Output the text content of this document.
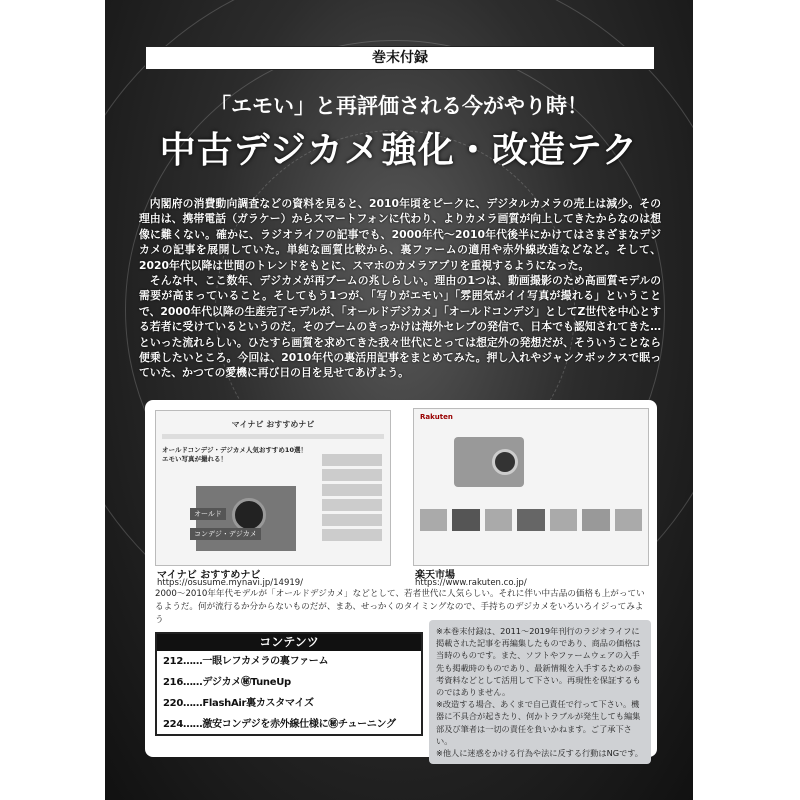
巻末付録
「エモい」と再評価される今がやり時！
中古デジカメ強化・改造テク

内閣府の消費動向調査などの資料を見ると、2010年頃をピークに、デジタルカメラの売上は減少。その理由は、携帯電話（ガラケー）からスマートフォンに代わり、よりカメラ画質が向上してきたからなのは想像に難くない。確かに、ラジオライフの記事でも、2000年代～2010年代後半にかけてはさまざまなデジカメの記事を展開していた。単純な画質比較から、裏ファームの適用や赤外線改造などなど。そして、2020年代以降は世間のトレンドをもとに、スマホのカメラアプリを重視するようになった。

そんな中、ここ数年、デジカメが再ブームの兆しらしい。理由の1つは、動画撮影のため高画質モデルの需要が高まっていること。そしてもう1つが、「写りがエモい」「雰囲気がイイ写真が撮れる」ということで、2000年代以降の生産完了モデルが、「オールドデジカメ」「オールドコンデジ」としてZ世代を中心とする若者に受けているというのだ。そのブームのきっかけは海外セレブの発信で、日本でも認知されてきた…といった流れらしい。ひたすら画質を求めてきた我々世代にとっては想定外の発想だが、そういうことなら便乗したいところ。今回は、2010年代の裏活用記事をまとめてみた。押し入れやジャンクボックスで眠っていた、かつての愛機に再び日の目を見せてあげよう。

マイナビ おすすめナビ
オールドコンデジ・デジカメ人気おすすめ10選！ エモい写真が撮れる！
オールド
コンデジ・デジカメ
マイナビ おすすめナビ
https://osusume.mynavi.jp/14919/
Rakuten
楽天市場
https://www.rakuten.co.jp/
2000～2010年年代モデルが「オールドデジカメ」などとして、若者世代に人気らしい。それに伴い中古品の価格も上がっているようだ。何が流行るか分からないものだが、まあ、せっかくのタイミングなので、手持ちのデジカメをいろいろイジってみよう
コンテンツ
212……一眼レフカメラの裏ファーム
216……デジカメ㊙TuneUp
220……FlashAir裏カスタマイズ
224……激安コンデジを赤外線仕様に㊙チューニング
※本巻末付録は、2011～2019年刊行のラジオライフに掲載された記事を再編集したものであり、商品の価格は当時のものです。また、ソフトやファームウェアの入手先も掲載時のものであり、最新情報を入手するための参考資料などとして活用して下さい。再現性を保証するものではありません。
※改造する場合、あくまで自己責任で行って下さい。機器に不具合が起きたり、何かトラブルが発生しても編集部及び筆者は一切の責任を負いかねます。ご了承下さい。
※他人に迷惑をかける行為や法に反する行動はNGです。
